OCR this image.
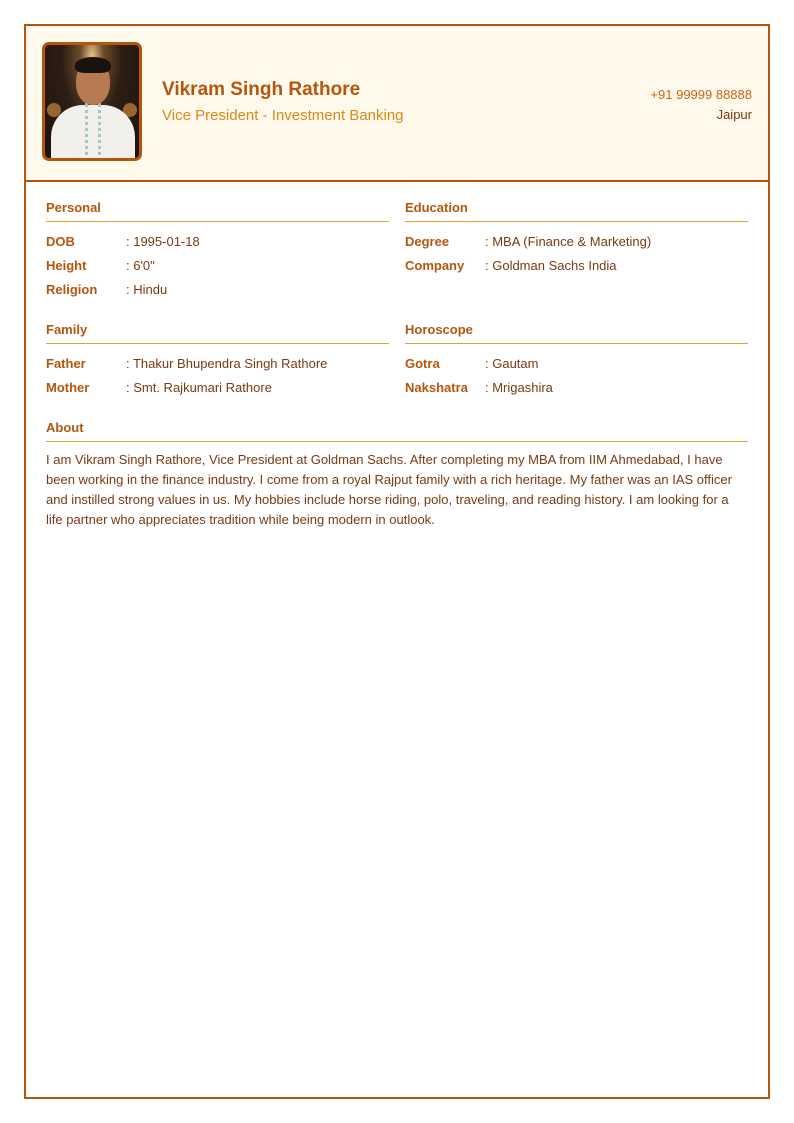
Vikram Singh Rathore
Vice President - Investment Banking
+91 99999 88888
Jaipur
Personal
DOB	: 1995-01-18
Height	: 6'0"
Religion	: Hindu
Education
Degree	: MBA (Finance & Marketing)
Company	: Goldman Sachs India
Family
Father	: Thakur Bhupendra Singh Rathore
Mother	: Smt. Rajkumari Rathore
Horoscope
Gotra	: Gautam
Nakshatra	: Mrigashira
About

I am Vikram Singh Rathore, Vice President at Goldman Sachs. After completing my MBA from IIM Ahmedabad, I have been working in the finance industry. I come from a royal Rajput family with a rich heritage. My father was an IAS officer and instilled strong values in us. My hobbies include horse riding, polo, traveling, and reading history. I am looking for a life partner who appreciates tradition while being modern in outlook.
